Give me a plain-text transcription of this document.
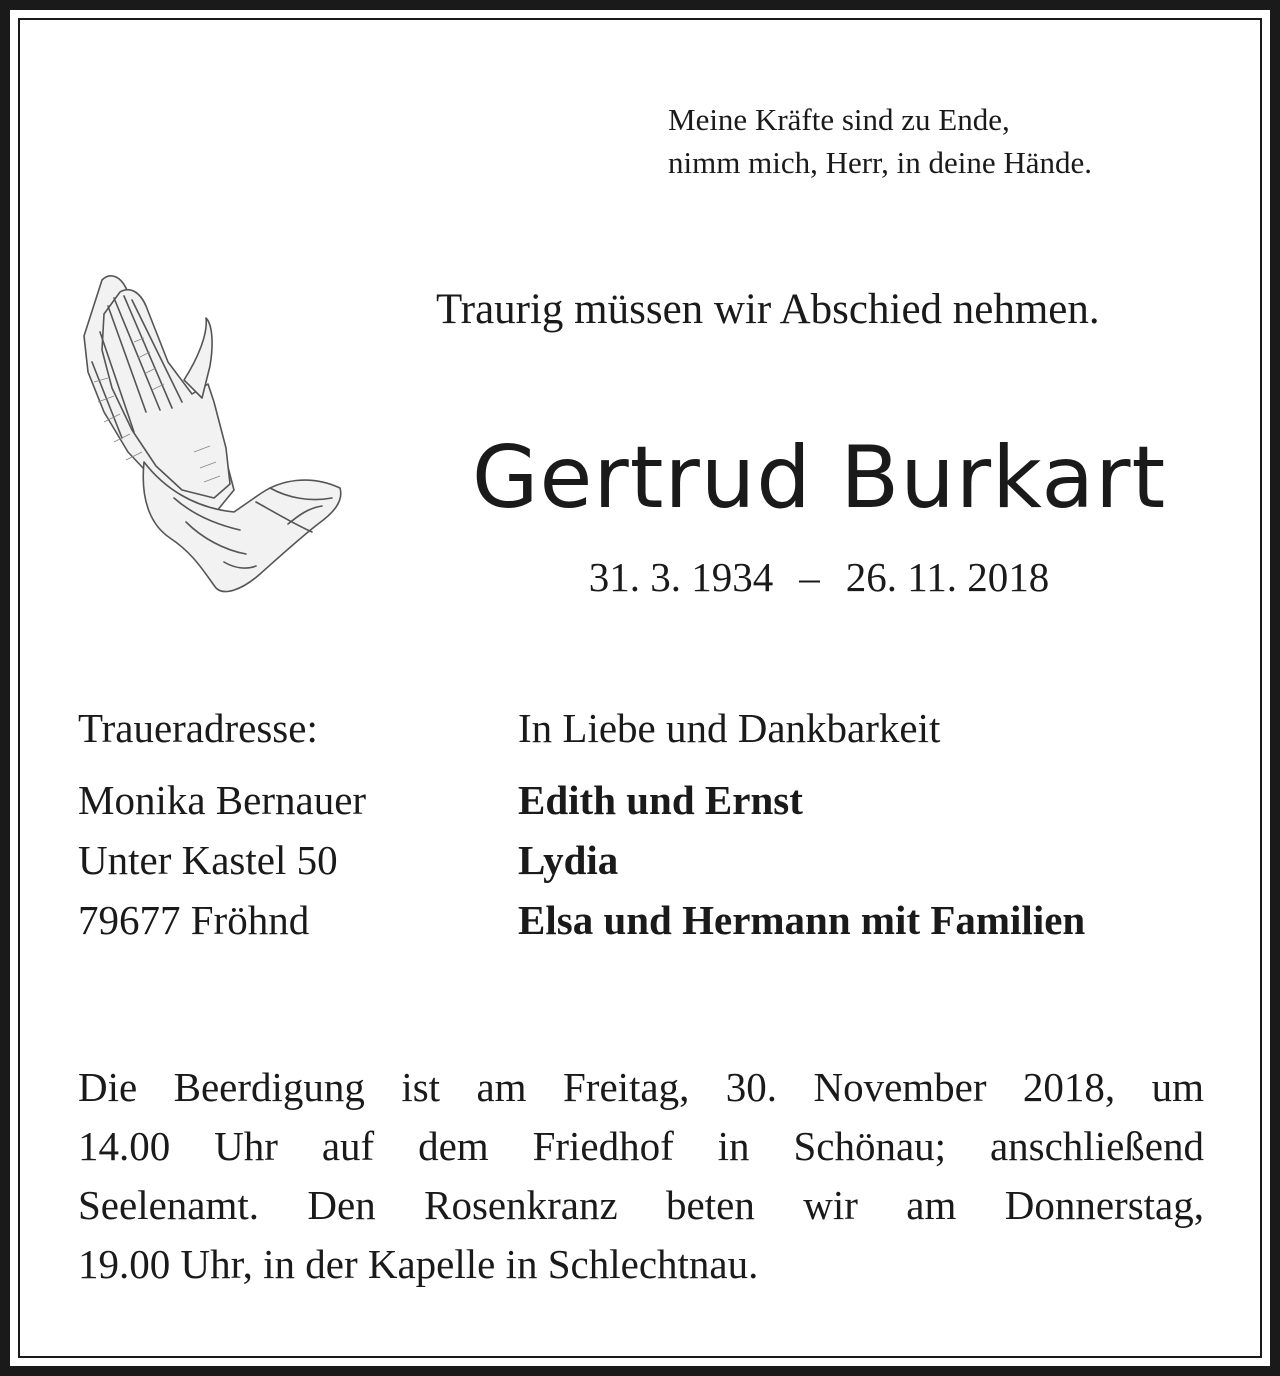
Meine Kräfte sind zu Ende,
nimm mich, Herr, in deine Hände.
Traurig müssen wir Abschied nehmen.
Gertrud Burkart
31. 3. 1934 – 26. 11. 2018
Traueradresse:
Monika Bernauer
Unter Kastel 50
79677 Fröhnd
In Liebe und Dankbarkeit
Edith und Ernst
Lydia
Elsa und Hermann mit Familien
Die Beerdigung ist am Freitag, 30. November 2018, um
14.00 Uhr auf dem Friedhof in Schönau; anschließend
Seelenamt. Den Rosenkranz beten wir am Donnerstag,
19.00 Uhr, in der Kapelle in Schlechtnau.
